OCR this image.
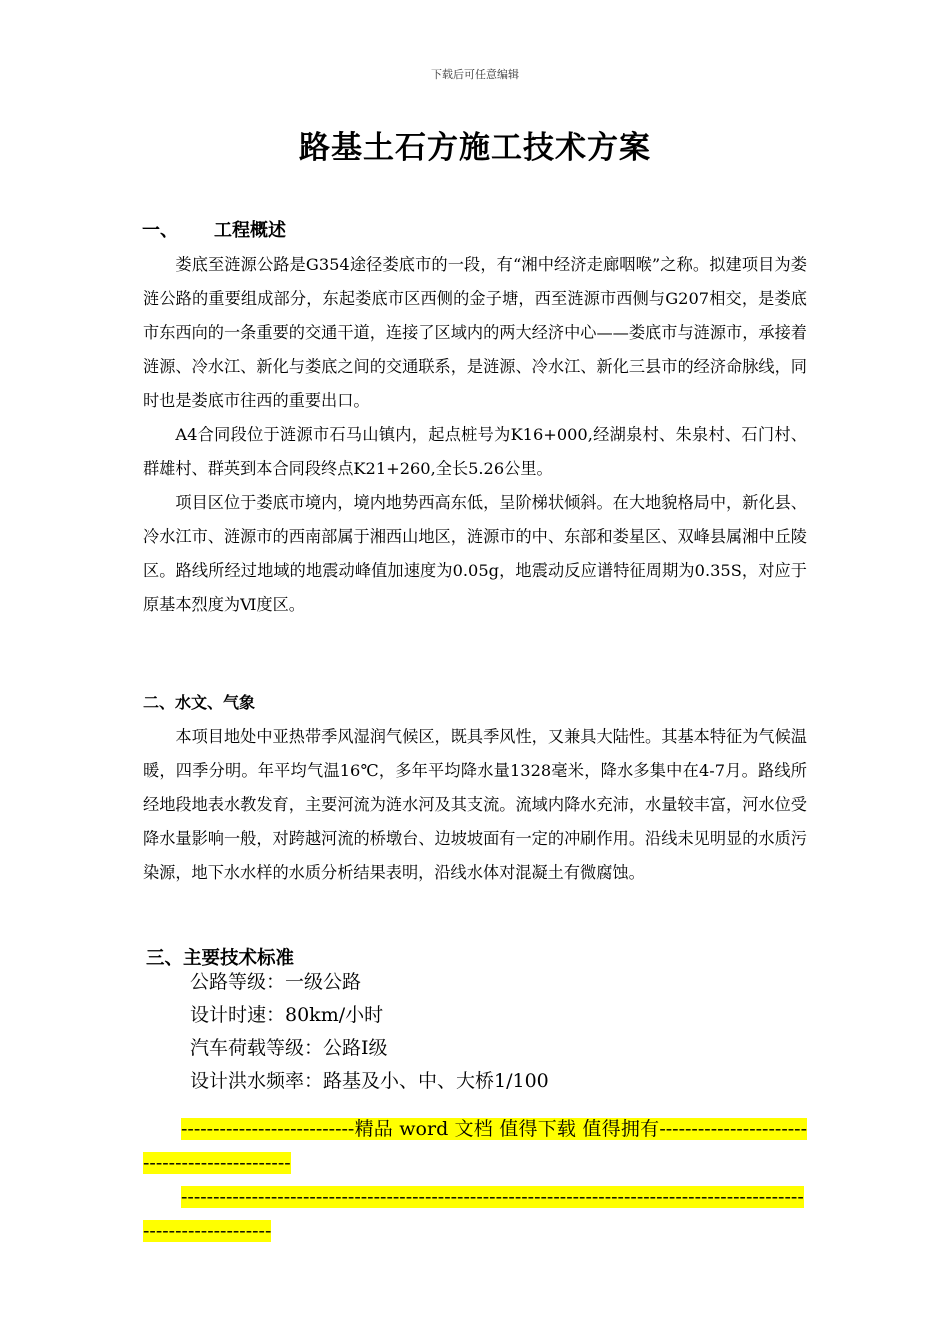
下载后可任意编辑
路基土石方施工技术方案
一、 工程概述

娄底至涟源公路是G354途径娄底市的一段，有“湘中经济走廊咽喉”之称。拟建项目为娄涟公路的重要组成部分，东起娄底市区西侧的金子塘，西至涟源市西侧与G207相交，是娄底市东西向的一条重要的交通干道，连接了区域内的两大经济中心——娄底市与涟源市，承接着涟源、冷水江、新化与娄底之间的交通联系，是涟源、冷水江、新化三县市的经济命脉线，同时也是娄底市往西的重要出口。

A4合同段位于涟源市石马山镇内，起点桩号为K16+000,经湖泉村、朱泉村、石门村、群雄村、群英到本合同段终点K21+260,全长5.26公里。

项目区位于娄底市境内，境内地势西高东低，呈阶梯状倾斜。在大地貌格局中，新化县、冷水江市、涟源市的西南部属于湘西山地区，涟源市的中、东部和娄星区、双峰县属湘中丘陵区。路线所经过地域的地震动峰值加速度为0.05g，地震动反应谱特征周期为0.35S，对应于原基本烈度为Ⅵ度区。

二、水文、气象

本项目地处中亚热带季风湿润气候区，既具季风性，又兼具大陆性。其基本特征为气候温暖，四季分明。年平均气温16℃，多年平均降水量1328毫米，降水多集中在4-7月。路线所经地段地表水教发育，主要河流为涟水河及其支流。流域内降水充沛，水量较丰富，河水位受降水量影响一般，对跨越河流的桥墩台、边坡坡面有一定的冲刷作用。沿线未见明显的水质污染源，地下水水样的水质分析结果表明，沿线水体对混凝土有微腐蚀。

三、主要技术标准
公路等级：一级公路
设计时速：80km/小时
汽车荷载等级：公路Ⅰ级
设计洪水频率：路基及小、中、大桥1/100

---------------------------精品 word 文档 值得下载 值得拥有----------------------------------------------

---------------------------------------------------------------------------------------------------------------------
